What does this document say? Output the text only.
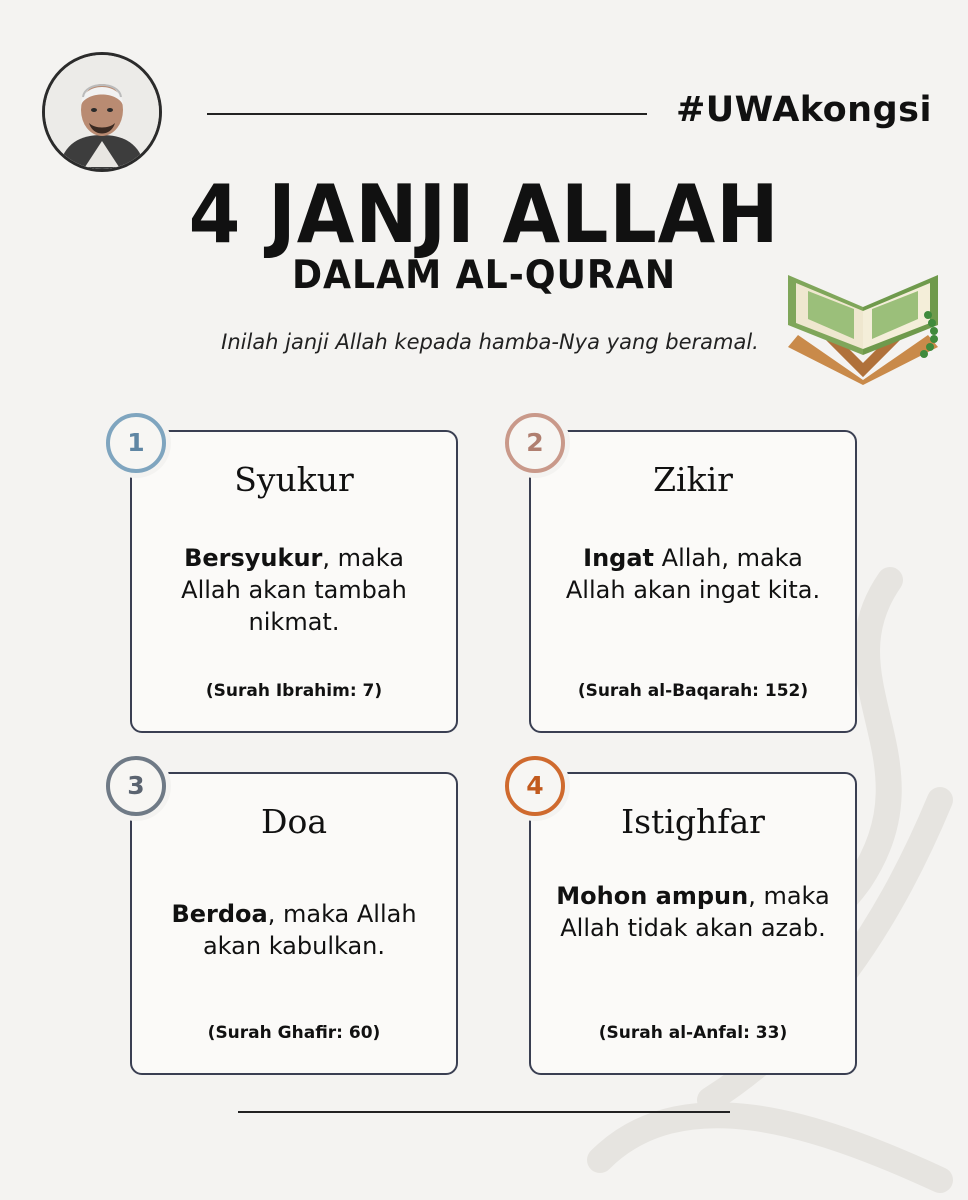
#UWAkongsi
4 JANJI ALLAH
DALAM AL-QURAN
Inilah janji Allah kepada hamba-Nya yang beramal.
Syukur
Bersyukur, maka Allah akan tambah nikmat.
(Surah Ibrahim: 7)
1
Zikir
Ingat Allah, maka Allah akan ingat kita.
(Surah al-Baqarah: 152)
2
Doa
Berdoa, maka Allah akan kabulkan.
(Surah Ghafir: 60)
3
Istighfar
Mohon ampun, maka Allah tidak akan azab.
(Surah al-Anfal: 33)
4
